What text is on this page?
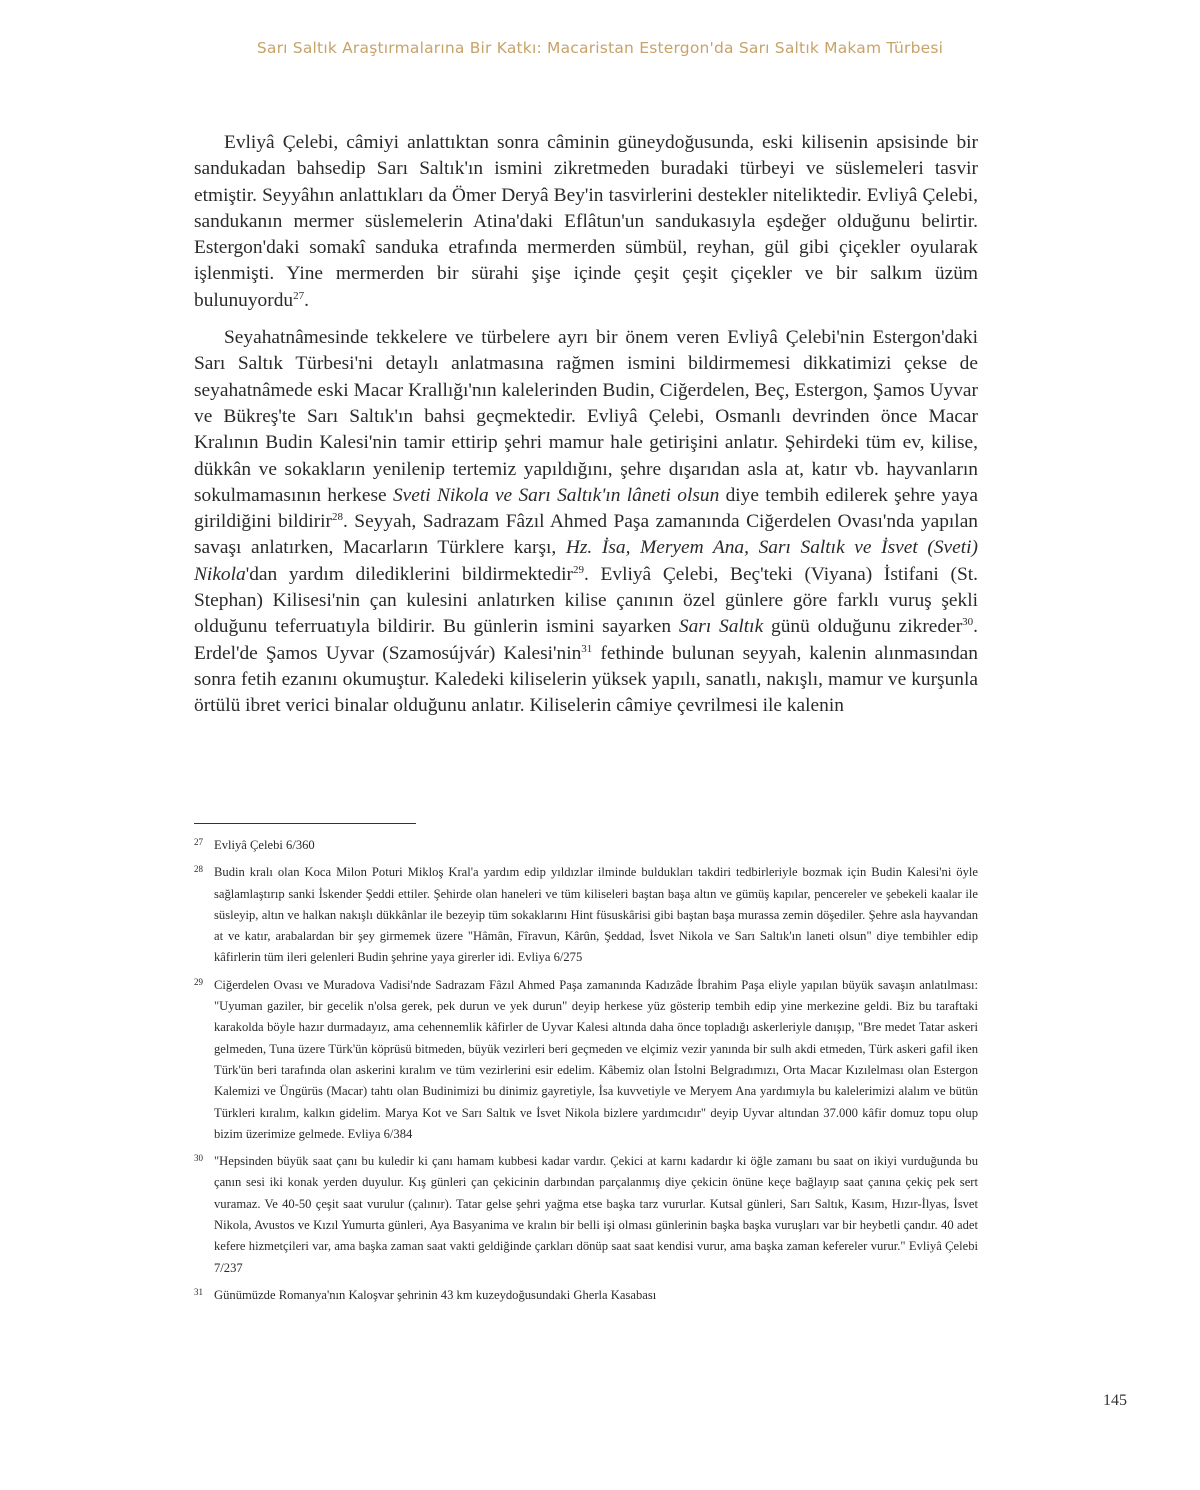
Sarı Saltık Araştırmalarına Bir Katkı: Macaristan Estergon'da Sarı Saltık Makam Türbesi

Evliyâ Çelebi, câmiyi anlattıktan sonra câminin güneydoğusunda, eski kilisenin apsisinde bir sandukadan bahsedip Sarı Saltık'ın ismini zikretmeden buradaki türbeyi ve süslemeleri tasvir etmiştir. Seyyâhın anlattıkları da Ömer Deryâ Bey'in tasvirlerini destekler niteliktedir. Evliyâ Çelebi, sandukanın mermer süslemelerin Atina'daki Eflâtun'un sandukasıyla eşdeğer olduğunu belirtir. Estergon'daki somakî sanduka etrafında mermerden sümbül, reyhan, gül gibi çiçekler oyularak işlenmişti. Yine mermerden bir sürahi şişe içinde çeşit çeşit çiçekler ve bir salkım üzüm bulunuyordu$^{27}$.

Seyahatnâmesinde tekkelere ve türbelere ayrı bir önem veren Evliyâ Çelebi'nin Estergon'daki Sarı Saltık Türbesi'ni detaylı anlatmasına rağmen ismini bildirmemesi dikkatimizi çekse de seyahatnâmede eski Macar Krallığı'nın kalelerinden Budin, Ciğerdelen, Beç, Estergon, Şamos Uyvar ve Bükreş'te Sarı Saltık'ın bahsi geçmektedir. Evliyâ Çelebi, Osmanlı devrinden önce Macar Kralının Budin Kalesi'nin tamir ettirip şehri mamur hale getirişini anlatır. Şehirdeki tüm ev, kilise, dükkân ve sokakların yenilenip tertemiz yapıldığını, şehre dışarıdan asla at, katır vb. hayvanların sokulmamasının herkese Sveti Nikola ve Sarı Saltık'ın lâneti olsun diye tembih edilerek şehre yaya girildiğini bildirir$^{28}$. Seyyah, Sadrazam Fâzıl Ahmed Paşa zamanında Ciğerdelen Ovası'nda yapılan savaşı anlatırken, Macarların Türklere karşı, Hz. İsa, Meryem Ana, Sarı Saltık ve İsvet (Sveti) Nikola'dan yardım dilediklerini bildirmektedir$^{29}$. Evliyâ Çelebi, Beç'teki (Viyana) İstifani (St. Stephan) Kilisesi'nin çan kulesini anlatırken kilise çanının özel günlere göre farklı vuruş şekli olduğunu teferruatıyla bildirir. Bu günlerin ismini sayarken Sarı Saltık günü olduğunu zikreder$^{30}$. Erdel'de Şamos Uyvar (Szamosújvár) Kalesi'nin$^{31}$ fethinde bulunan seyyah, kalenin alınmasından sonra fetih ezanını okumuştur. Kaledeki kiliselerin yüksek yapılı, sanatlı, nakışlı, mamur ve kurşunla örtülü ibret verici binalar olduğunu anlatır. Kiliselerin câmiye çevrilmesi ile kalenin

27 Evliyâ Çelebi 6/360
28 Budin kralı olan Koca Milon Poturi Mikloş Kral'a yardım edip yıldızlar ilminde buldukları takdiri tedbirleriyle bozmak için Budin Kalesi'ni öyle sağlamlaştırıp sanki İskender Şeddi ettiler. Şehirde olan haneleri ve tüm kiliseleri baştan başa altın ve gümüş kapılar, pencereler ve şebekeli kaalar ile süsleyip, altın ve halkan nakışlı dükkânlar ile bezeyip tüm sokaklarını Hint füsuskârisi gibi baştan başa murassa zemin döşediler. Şehre asla hayvandan at ve katır, arabalardan bir şey girmemek üzere "Hâmân, Fîravun, Kârûn, Şeddad, İsvet Nikola ve Sarı Saltık'ın laneti olsun" diye tembihler edip kâfirlerin tüm ileri gelenleri Budin şehrine yaya girerler idi. Evliya 6/275
29 Ciğerdelen Ovası ve Muradova Vadisi'nde Sadrazam Fâzıl Ahmed Paşa zamanında Kadızâde İbrahim Paşa eliyle yapılan büyük savaşın anlatılması: "Uyuman gaziler, bir gecelik n'olsa gerek, pek durun ve yek durun" deyip herkese yüz gösterip tembih edip yine merkezine geldi. Biz bu taraftaki karakolda böyle hazır durmadayız, ama cehennemlik kâfirler de Uyvar Kalesi altında daha önce topladığı askerleriyle danışıp, "Bre medet Tatar askeri gelmeden, Tuna üzere Türk'ün köprüsü bitmeden, büyük vezirleri beri geçmeden ve elçimiz vezir yanında bir sulh akdi etmeden, Türk askeri gafil iken Türk'ün beri tarafında olan askerini kıralım ve tüm vezirlerini esir edelim. Kâbemiz olan İstolni Belgradımızı, Orta Macar Kızılelması olan Estergon Kalemizi ve Üngürüs (Macar) tahtı olan Budinimizi bu dinimiz gayretiyle, İsa kuvvetiyle ve Meryem Ana yardımıyla bu kalelerimizi alalım ve bütün Türkleri kıralım, kalkın gidelim. Marya Kot ve Sarı Saltık ve İsvet Nikola bizlere yardımcıdır" deyip Uyvar altından 37.000 kâfir domuz topu olup bizim üzerimize gelmede. Evliya 6/384
30 "Hepsinden büyük saat çanı bu kuledir ki çanı hamam kubbesi kadar vardır. Çekici at karnı kadardır ki öğle zamanı bu saat on ikiyi vurduğunda bu çanın sesi iki konak yerden duyulur. Kış günleri çan çekicinin darbından parçalanmış diye çekicin önüne keçe bağlayıp saat çanına çekiç pek sert vuramaz. Ve 40-50 çeşit saat vurulur (çalınır). Tatar gelse şehri yağma etse başka tarz vururlar. Kutsal günleri, Sarı Saltık, Kasım, Hızır-İlyas, İsvet Nikola, Avustos ve Kızıl Yumurta günleri, Aya Basyanima ve kralın bir belli işi olması günlerinin başka başka vuruşları var bir heybetli çandır. 40 adet kefere hizmetçileri var, ama başka zaman saat vakti geldiğinde çarkları dönüp saat saat kendisi vurur, ama başka zaman kefereler vurur." Evliyâ Çelebi 7/237
31 Günümüzde Romanya'nın Kaloşvar şehrinin 43 km kuzeydoğusundaki Gherla Kasabası
145
